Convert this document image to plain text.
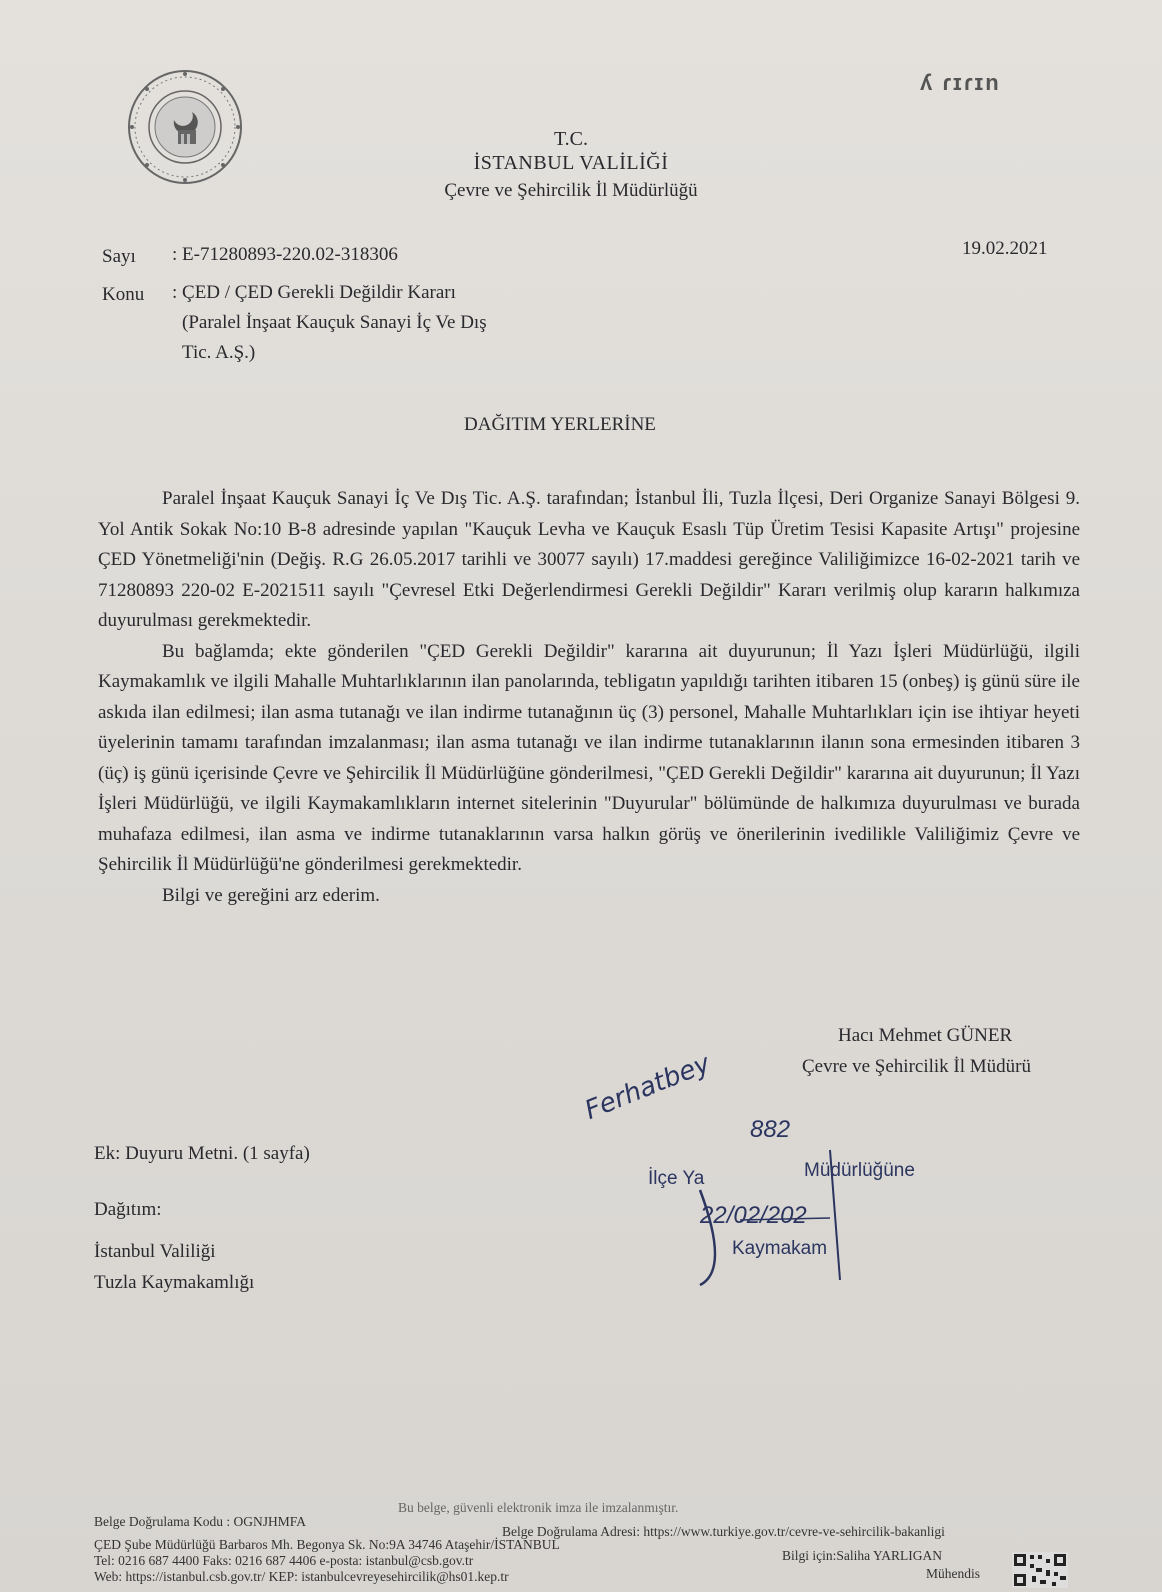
ʎ ɾɪɾɪn
T.C.
İSTANBUL VALİLİĞİ
Çevre ve Şehircilik İl Müdürlüğü
Sayı : E-71280893-220.02-318306	19.02.2021
Konu : ÇED / ÇED Gerekli Değildir Kararı
(Paralel İnşaat Kauçuk Sanayi İç Ve Dış
Tic. A.Ş.)
DAĞITIM YERLERİNE

Paralel İnşaat Kauçuk Sanayi İç Ve Dış Tic. A.Ş. tarafından; İstanbul İli, Tuzla İlçesi, Deri Organize Sanayi Bölgesi 9. Yol Antik Sokak No:10 B-8 adresinde yapılan "Kauçuk Levha ve Kauçuk Esaslı Tüp Üretim Tesisi Kapasite Artışı" projesine ÇED Yönetmeliği'nin (Değiş. R.G 26.05.2017 tarihli ve 30077 sayılı) 17.maddesi gereğince Valiliğimizce 16-02-2021 tarih ve 71280893 220-02 E-2021511 sayılı "Çevresel Etki Değerlendirmesi Gerekli Değildir" Kararı verilmiş olup kararın halkımıza duyurulması gerekmektedir.

Bu bağlamda; ekte gönderilen "ÇED Gerekli Değildir" kararına ait duyurunun; İl Yazı İşleri Müdürlüğü, ilgili Kaymakamlık ve ilgili Mahalle Muhtarlıklarının ilan panolarında, tebligatın yapıldığı tarihten itibaren 15 (onbeş) iş günü süre ile askıda ilan edilmesi; ilan asma tutanağı ve ilan indirme tutanağının üç (3) personel, Mahalle Muhtarlıkları için ise ihtiyar heyeti üyelerinin tamamı tarafından imzalanması; ilan asma tutanağı ve ilan indirme tutanaklarının ilanın sona ermesinden itibaren 3 (üç) iş günü içerisinde Çevre ve Şehircilik İl Müdürlüğüne gönderilmesi, "ÇED Gerekli Değildir" kararına ait duyurunun; İl Yazı İşleri Müdürlüğü, ve ilgili Kaymakamlıkların internet sitelerinin "Duyurular" bölümünde de halkımıza duyurulması ve burada muhafaza edilmesi, ilan asma ve indirme tutanaklarının varsa halkın görüş ve önerilerinin ivedilikle Valiliğimiz Çevre ve Şehircilik İl Müdürlüğü'ne gönderilmesi gerekmektedir.

Bilgi ve gereğini arz ederim.

Hacı Mehmet GÜNER
Çevre ve Şehircilik İl Müdürü
Ek: Duyuru Metni. (1 sayfa)
Dağıtım:
İstanbul Valiliği
Tuzla Kaymakamlığı
Ferhatbey
882
İlçe Ya	Müdürlüğüne
22/02/202
Kaymakam
Bu belge, güvenli elektronik imza ile imzalanmıştır.
Belge Doğrulama Kodu : OGNJHMFA
Belge Doğrulama Adresi: https://www.turkiye.gov.tr/cevre-ve-sehircilik-bakanligi
ÇED Şube Müdürlüğü Barbaros Mh. Begonya Sk. No:9A 34746 Ataşehir/İSTANBUL
Tel: 0216 687 4400 Faks: 0216 687 4406 e-posta: istanbul@csb.gov.tr
Web: https://istanbul.csb.gov.tr/ KEP: istanbulcevreyesehircilik@hs01.kep.tr
Bilgi için:Saliha YARLIGAN
Mühendis
